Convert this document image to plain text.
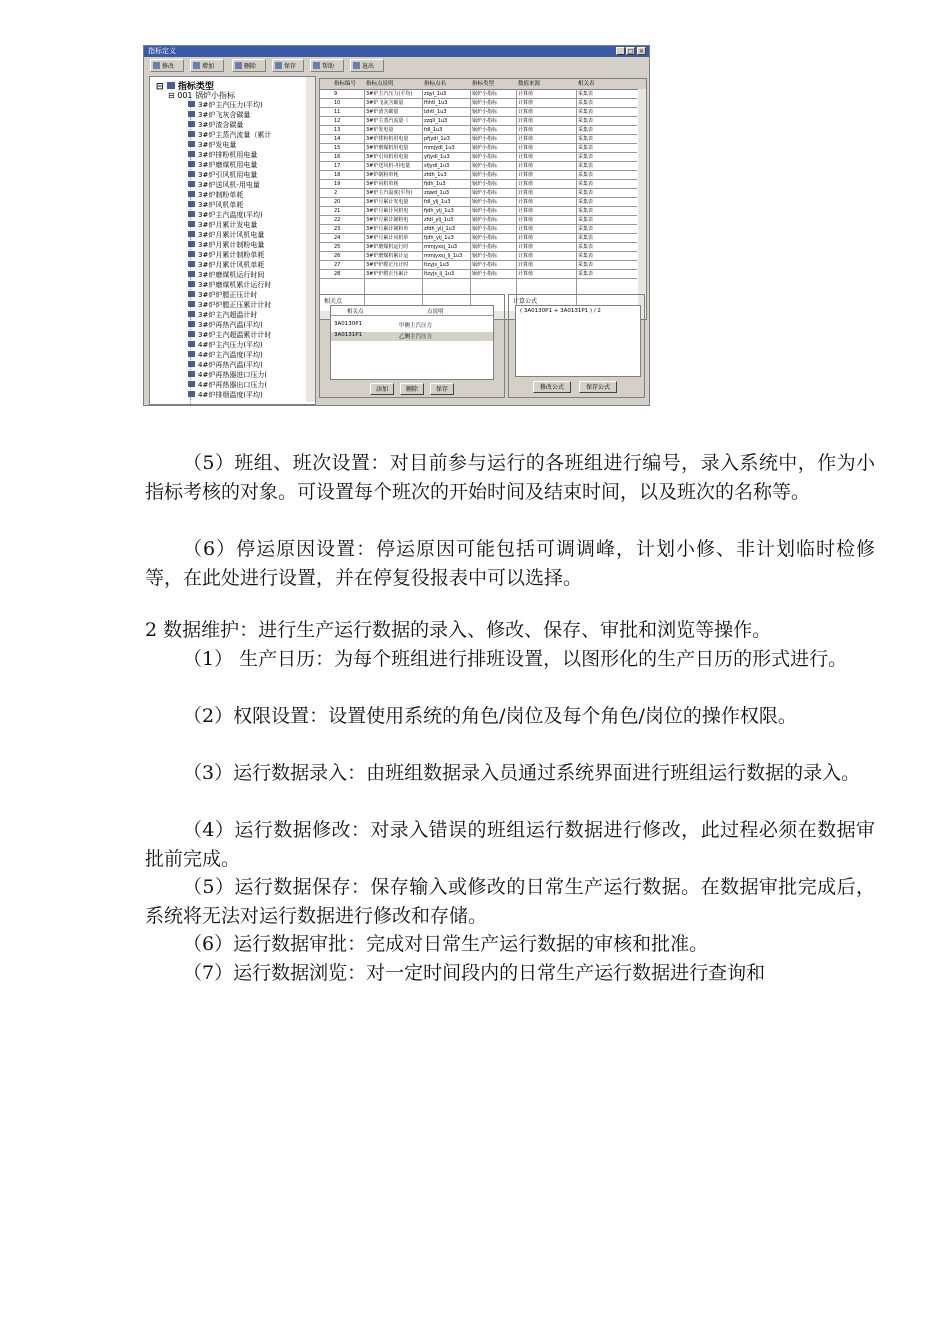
指标定义	_ □ ×
修改	增加	删除	保存	帮助	退出
⊟  指标类型
⊟ 001 锅炉小指标
3#炉主汽压力(平均)
3#炉飞灰含碳量
3#炉渣含碳量
3#炉主蒸汽流量（累计
3#炉发电量
3#炉排粉机用电量
3#炉磨煤机用电量
3#炉引风机用电量
3#炉送风机-用电量
3#炉制粉单耗
3#炉风机单耗
3#炉主汽温度(平均)
3#炉月累计发电量
3#炉月累计风机电量
3#炉月累计制粉电量
3#炉月累计制粉单耗
3#炉月累计风机单耗
3#炉磨煤机运行时间
3#炉磨煤机累计运行时
3#炉炉膛正压计时
3#炉炉膛正压累计计时
3#炉主汽超温计时
3#炉再热汽温(平均)
3#炉主汽超温累计计时
4#炉主汽压力(平均)
4#炉主汽温度(平均)
4#炉再热汽温(平均)
4#炉再热器进口压力(
4#炉再热器出口压力(
4#炉排烟温度(平均)
指标编号 指标点说明	指标点名	指标类型	数值来源	相关表
9	3#炉主汽压力(平均)	zqyl_1u3	锅炉小指标	计算值	采集表
10	3#炉飞灰含碳量	fhhtl_1u3	锅炉小指标	计算值	采集表
11	3#炉渣含碳量	lzhtl_1u3	锅炉小指标	计算值	采集表
12	3#炉主蒸汽流量（	zzqll_1u3	锅炉小指标	计算值	采集表
13	3#炉发电量	fdl_1u3	锅炉小指标	计算值	采集表
14	3#炉排粉机用电量	pfjydl_1u3	锅炉小指标	计算值	采集表
15	3#炉磨煤机用电量	mmjydl_1u3	锅炉小指标	计算值	采集表
16	3#炉引风机用电量	yfjydl_1u3	锅炉小指标	计算值	采集表
17	3#炉送风机-用电量	sfjydl_1u3	锅炉小指标	计算值	采集表
18	3#炉制粉单耗	zfdh_1u3	锅炉小指标	计算值	采集表
19	3#炉风机单耗	fjdh_1u3	锅炉小指标	计算值	采集表
2	3#炉主汽温度(平均)	zqwd_1u3	锅炉小指标	计算值	采集表
20	3#炉月累计发电量	fdl_ylj_1u3	锅炉小指标	计算值	采集表
21	3#炉月累计风机电	fjdh_ylj_1u3	锅炉小指标	计算值	采集表
22	3#炉月累计制粉电	zfdl_ylj_1u3	锅炉小指标	计算值	采集表
23	3#炉月累计制粉单	zfdh_ylj_1u3	锅炉小指标	计算值	采集表
24	3#炉月累计风机单	fjdh_ylj_1u3	锅炉小指标	计算值	采集表
25	3#炉磨煤机运行时	mmjyxsj_1u3	锅炉小指标	计算值	采集表
26	3#炉磨煤机累计运	mmjyxsj_lj_1u3	锅炉小指标	计算值	采集表
27	3#炉炉膛正压计时	ltzyjs_1u3	锅炉小指标	计算值	采集表
28	3#炉炉膛正压累计	ltzyjs_lj_1u3	锅炉小指标	计算值	采集表
相关点
相关点	点说明
3A0130P1	甲侧主汽压力
3A0131P1	乙侧主汽压力
添加	删除	保存
计算公式
( 3A0130P1 + 3A0131P1 ) / 2
修改公式	保存公式
（5）班组、班次设置：对目前参与运行的各班组进行编号，录入系统中，作为小指标考核的对象。可设置每个班次的开始时间及结束时间，以及班次的名称等。
（6）停运原因设置：停运原因可能包括可调调峰，计划小修、非计划临时检修等，在此处进行设置，并在停复役报表中可以选择。
2 数据维护：进行生产运行数据的录入、修改、保存、审批和浏览等操作。
（1） 生产日历：为每个班组进行排班设置，以图形化的生产日历的形式进行。
（2）权限设置：设置使用系统的角色/岗位及每个角色/岗位的操作权限。
（3）运行数据录入：由班组数据录入员通过系统界面进行班组运行数据的录入。
（4）运行数据修改：对录入错误的班组运行数据进行修改，此过程必须在数据审批前完成。
（5）运行数据保存：保存输入或修改的日常生产运行数据。在数据审批完成后，系统将无法对运行数据进行修改和存储。
（6）运行数据审批：完成对日常生产运行数据的审核和批准。
（7）运行数据浏览：对一定时间段内的日常生产运行数据进行查询和
